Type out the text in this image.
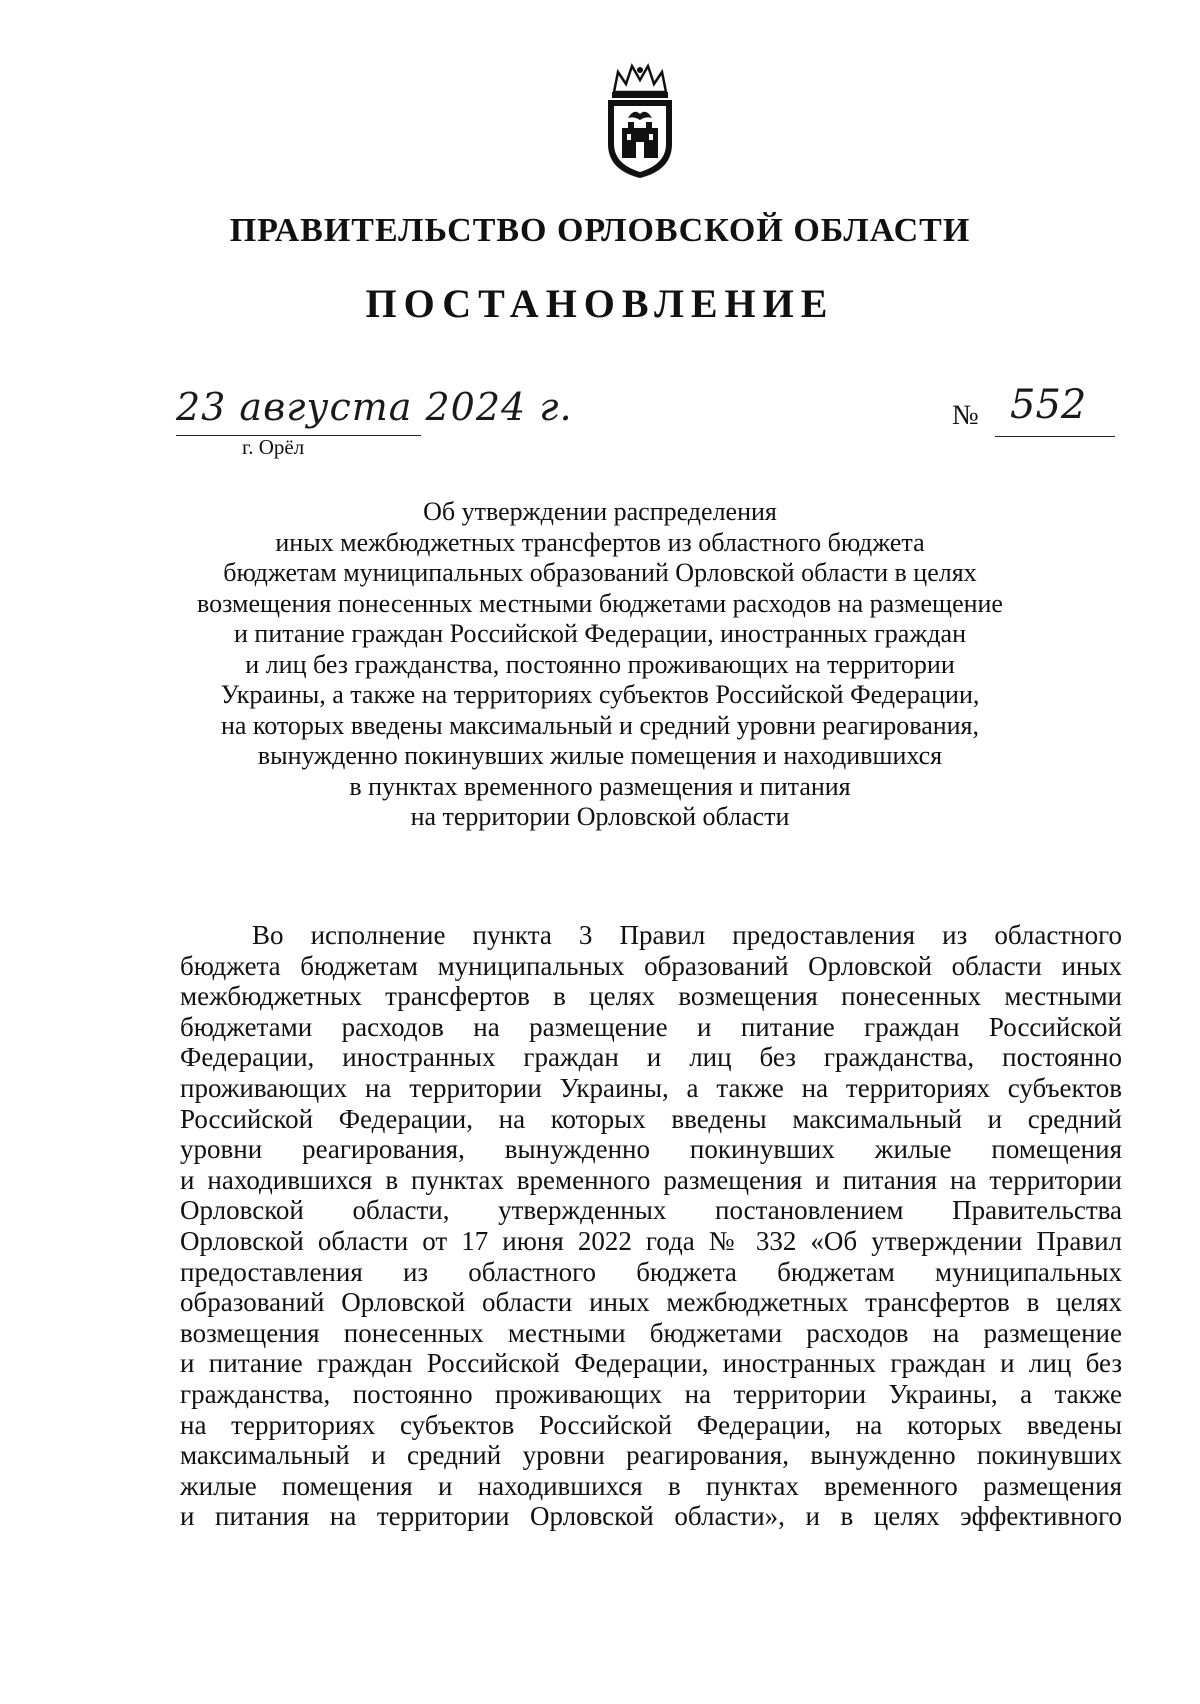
ПРАВИТЕЛЬСТВО ОРЛОВСКОЙ ОБЛАСТИ
ПОСТАНОВЛЕНИЕ
23 августа 2024 г.
г. Орёл
№ 552
Об утверждении распределения
иных межбюджетных трансфертов из областного бюджета
бюджетам муниципальных образований Орловской области в целях
возмещения понесенных местными бюджетами расходов на размещение
и питание граждан Российской Федерации, иностранных граждан
и лиц без гражданства, постоянно проживающих на территории
Украины, а также на территориях субъектов Российской Федерации,
на которых введены максимальный и средний уровни реагирования,
вынужденно покинувших жилые помещения и находившихся
в пунктах временного размещения и питания
на территории Орловской области
Во исполнение пункта 3 Правил предоставления из областного
бюджета бюджетам муниципальных образований Орловской области иных
межбюджетных трансфертов в целях возмещения понесенных местными
бюджетами расходов на размещение и питание граждан Российской
Федерации, иностранных граждан и лиц без гражданства, постоянно
проживающих на территории Украины, а также на территориях субъектов
Российской Федерации, на которых введены максимальный и средний
уровни реагирования, вынужденно покинувших жилые помещения
и находившихся в пунктах временного размещения и питания на территории
Орловской области, утвержденных постановлением Правительства
Орловской области от 17 июня 2022 года № 332 «Об утверждении Правил
предоставления из областного бюджета бюджетам муниципальных
образований Орловской области иных межбюджетных трансфертов в целях
возмещения понесенных местными бюджетами расходов на размещение
и питание граждан Российской Федерации, иностранных граждан и лиц без
гражданства, постоянно проживающих на территории Украины, а также
на территориях субъектов Российской Федерации, на которых введены
максимальный и средний уровни реагирования, вынужденно покинувших
жилые помещения и находившихся в пунктах временного размещения
и питания на территории Орловской области», и в целях эффективного
